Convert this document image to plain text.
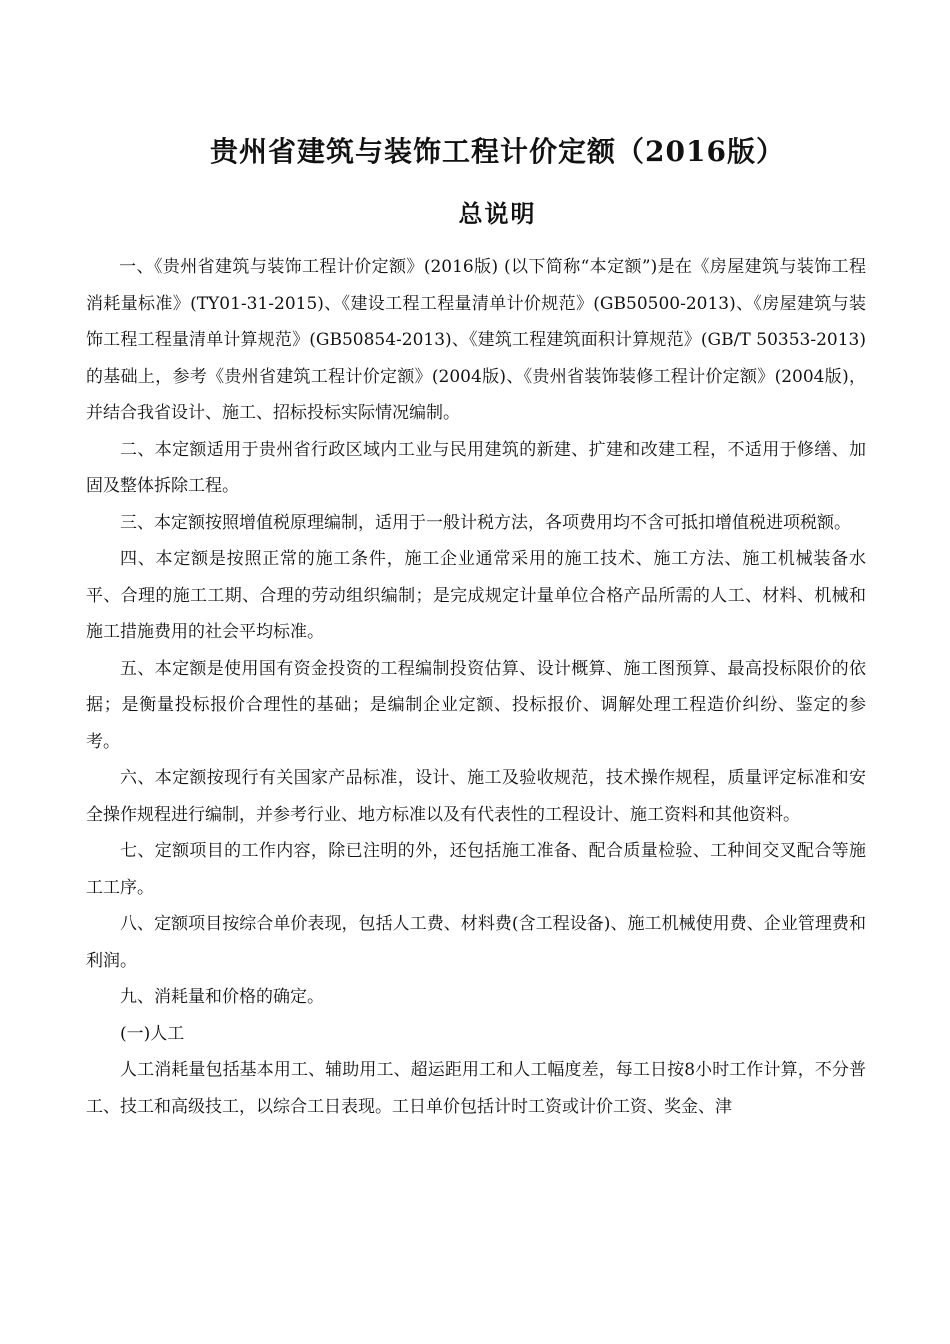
贵州省建筑与装饰工程计价定额（2016版）
总说明

一、《贵州省建筑与装饰工程计价定额》(2016版) (以下简称“本定额”)是在《房屋建筑与装饰工程消耗量标准》(TY01-31-2015)、《建设工程工程量清单计价规范》(GB50500-2013)、《房屋建筑与装饰工程工程量清单计算规范》(GB50854-2013)、《建筑工程建筑面积计算规范》(GB/T 50353-2013)的基础上，参考《贵州省建筑工程计价定额》(2004版)、《贵州省装饰装修工程计价定额》(2004版)，并结合我省设计、施工、招标投标实际情况编制。

二、本定额适用于贵州省行政区域内工业与民用建筑的新建、扩建和改建工程，不适用于修缮、加固及整体拆除工程。

三、本定额按照增值税原理编制，适用于一般计税方法，各项费用均不含可抵扣增值税进项税额。

四、本定额是按照正常的施工条件，施工企业通常采用的施工技术、施工方法、施工机械装备水平、合理的施工工期、合理的劳动组织编制；是完成规定计量单位合格产品所需的人工、材料、机械和施工措施费用的社会平均标准。

五、本定额是使用国有资金投资的工程编制投资估算、设计概算、施工图预算、最高投标限价的依据；是衡量投标报价合理性的基础；是编制企业定额、投标报价、调解处理工程造价纠纷、鉴定的参考。

六、本定额按现行有关国家产品标准，设计、施工及验收规范，技术操作规程，质量评定标准和安全操作规程进行编制，并参考行业、地方标准以及有代表性的工程设计、施工资料和其他资料。

七、定额项目的工作内容，除已注明的外，还包括施工准备、配合质量检验、工种间交叉配合等施工工序。

八、定额项目按综合单价表现，包括人工费、材料费(含工程设备)、施工机械使用费、企业管理费和利润。

九、消耗量和价格的确定。

(一)人工

人工消耗量包括基本用工、辅助用工、超运距用工和人工幅度差，每工日按8小时工作计算，不分普工、技工和高级技工，以综合工日表现。工日单价包括计时工资或计价工资、奖金、津
